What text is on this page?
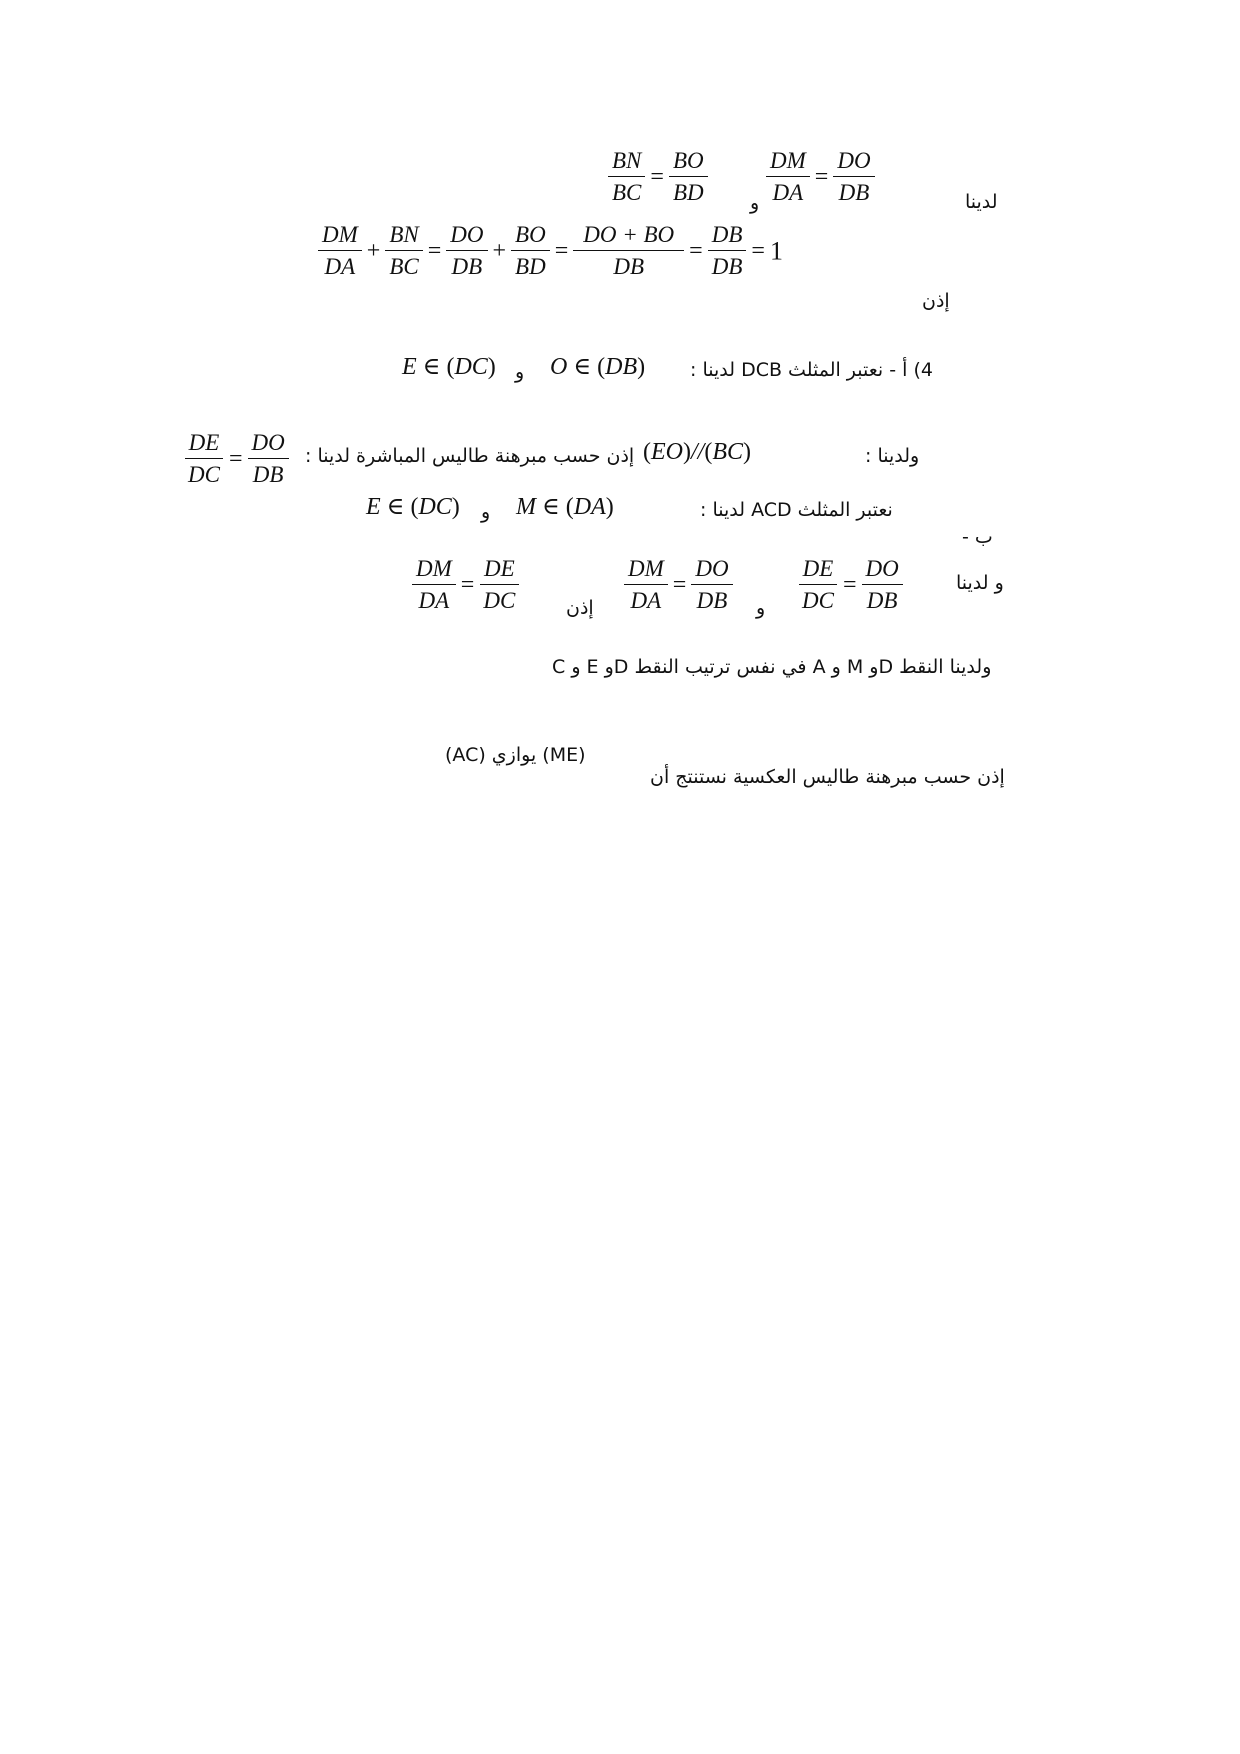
لدينا
$\frac{BN}{BC} = \frac{BO}{BD}$ و $\frac{DM}{DA} = \frac{DO}{DB}$
$\frac{DM}{DA} + \frac{BN}{BC} = \frac{DO}{DB} + \frac{BO}{BD} = \frac{DO + BO}{DB} = \frac{DB}{DB} = 1$
إذن
4) أ - نعتبر المثلث DCB لدينا :
E ∈ (DC) و O ∈ (DB)
ولدينا :
(EO)//(BC)
إذن حسب مبرهنة طاليس المباشرة لدينا :
$\frac{DE}{DC} = \frac{DO}{DB}$
نعتبر المثلث ACD لدينا :
E ∈ (DC) و M ∈ (DA)
ب -
و لدينا
$\frac{DE}{DC} = \frac{DO}{DB}$
و
$\frac{DM}{DA} = \frac{DO}{DB}$
إذن
$\frac{DM}{DA} = \frac{DE}{DC}$
ولدينا النقط Dو M و A في نفس ترتيب النقط Dو E و C
(ME) يوازي (AC)
إذن حسب مبرهنة طاليس العكسية نستنتج أن
